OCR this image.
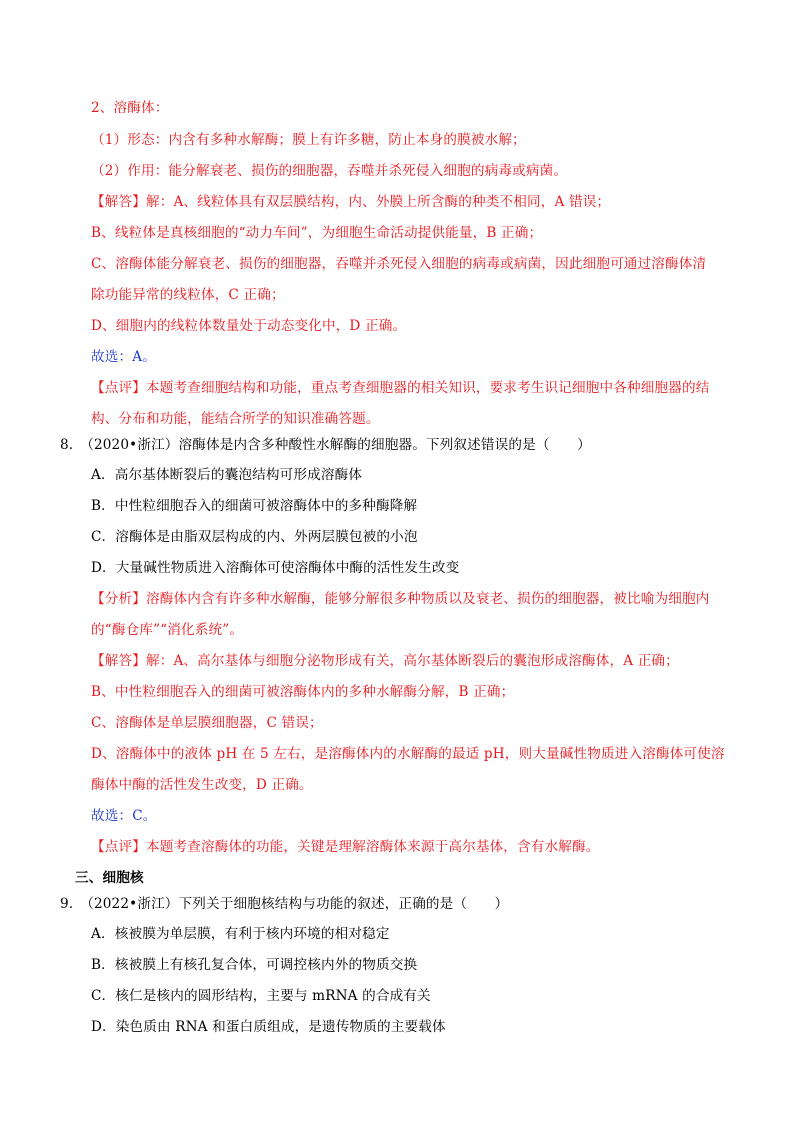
2、溶酶体：
（1）形态：内含有多种水解酶；膜上有许多糖，防止本身的膜被水解；
（2）作用：能分解衰老、损伤的细胞器，吞噬并杀死侵入细胞的病毒或病菌。
【解答】解：A、线粒体具有双层膜结构，内、外膜上所含酶的种类不相同，A 错误；
B、线粒体是真核细胞的“动力车间”，为细胞生命活动提供能量，B 正确；
C、溶酶体能分解衰老、损伤的细胞器，吞噬并杀死侵入细胞的病毒或病菌，因此细胞可通过溶酶体清
除功能异常的线粒体，C 正确；
D、细胞内的线粒体数量处于动态变化中，D 正确。
故选：A。
【点评】本题考查细胞结构和功能，重点考查细胞器的相关知识，要求考生识记细胞中各种细胞器的结
构、分布和功能，能结合所学的知识准确答题。
8.　（2020•浙江）溶酶体是内含多种酸性水解酶的细胞器。下列叙述错误的是（　　）
A．高尔基体断裂后的囊泡结构可形成溶酶体
B．中性粒细胞吞入的细菌可被溶酶体中的多种酶降解
C．溶酶体是由脂双层构成的内、外两层膜包被的小泡
D．大量碱性物质进入溶酶体可使溶酶体中酶的活性发生改变
【分析】溶酶体内含有许多种水解酶，能够分解很多种物质以及衰老、损伤的细胞器，被比喻为细胞内
的“酶仓库”“消化系统”。
【解答】解：A、高尔基体与细胞分泌物形成有关，高尔基体断裂后的囊泡形成溶酶体，A 正确；
B、中性粒细胞吞入的细菌可被溶酶体内的多种水解酶分解，B 正确；
C、溶酶体是单层膜细胞器，C 错误；
D、溶酶体中的液体 pH 在 5 左右，是溶酶体内的水解酶的最适 pH，则大量碱性物质进入溶酶体可使溶
酶体中酶的活性发生改变，D 正确。
故选：C。
【点评】本题考查溶酶体的功能，关键是理解溶酶体来源于高尔基体，含有水解酶。
三、细胞核
9.　（2022•浙江）下列关于细胞核结构与功能的叙述，正确的是（　　）
A．核被膜为单层膜，有利于核内环境的相对稳定
B．核被膜上有核孔复合体，可调控核内外的物质交换
C．核仁是核内的圆形结构，主要与 mRNA 的合成有关
D．染色质由 RNA 和蛋白质组成，是遗传物质的主要载体
